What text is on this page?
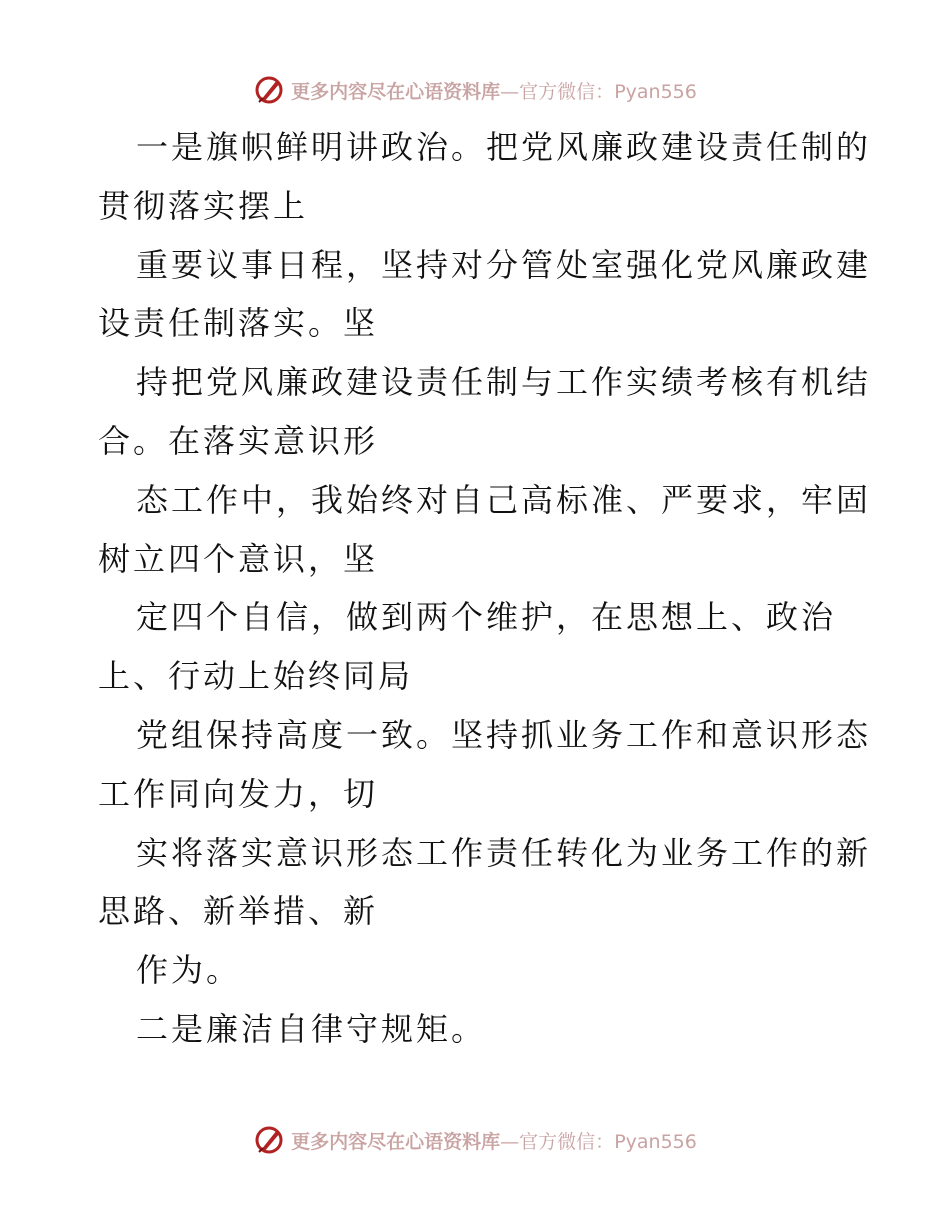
更多内容尽在心语资料库—官方微信：Pyan556

一是旗帜鲜明讲政治。把党风廉政建设责任制的
贯彻落实摆上

重要议事日程，坚持对分管处室强化党风廉政建
设责任制落实。坚

持把党风廉政建设责任制与工作实绩考核有机结
合。在落实意识形

态工作中，我始终对自己高标准、严要求，牢固
树立四个意识，坚

定四个自信，做到两个维护，在思想上、政治
上、行动上始终同局

党组保持高度一致。坚持抓业务工作和意识形态
工作同向发力，切

实将落实意识形态工作责任转化为业务工作的新
思路、新举措、新

作为。

二是廉洁自律守规矩。

更多内容尽在心语资料库—官方微信：Pyan556
